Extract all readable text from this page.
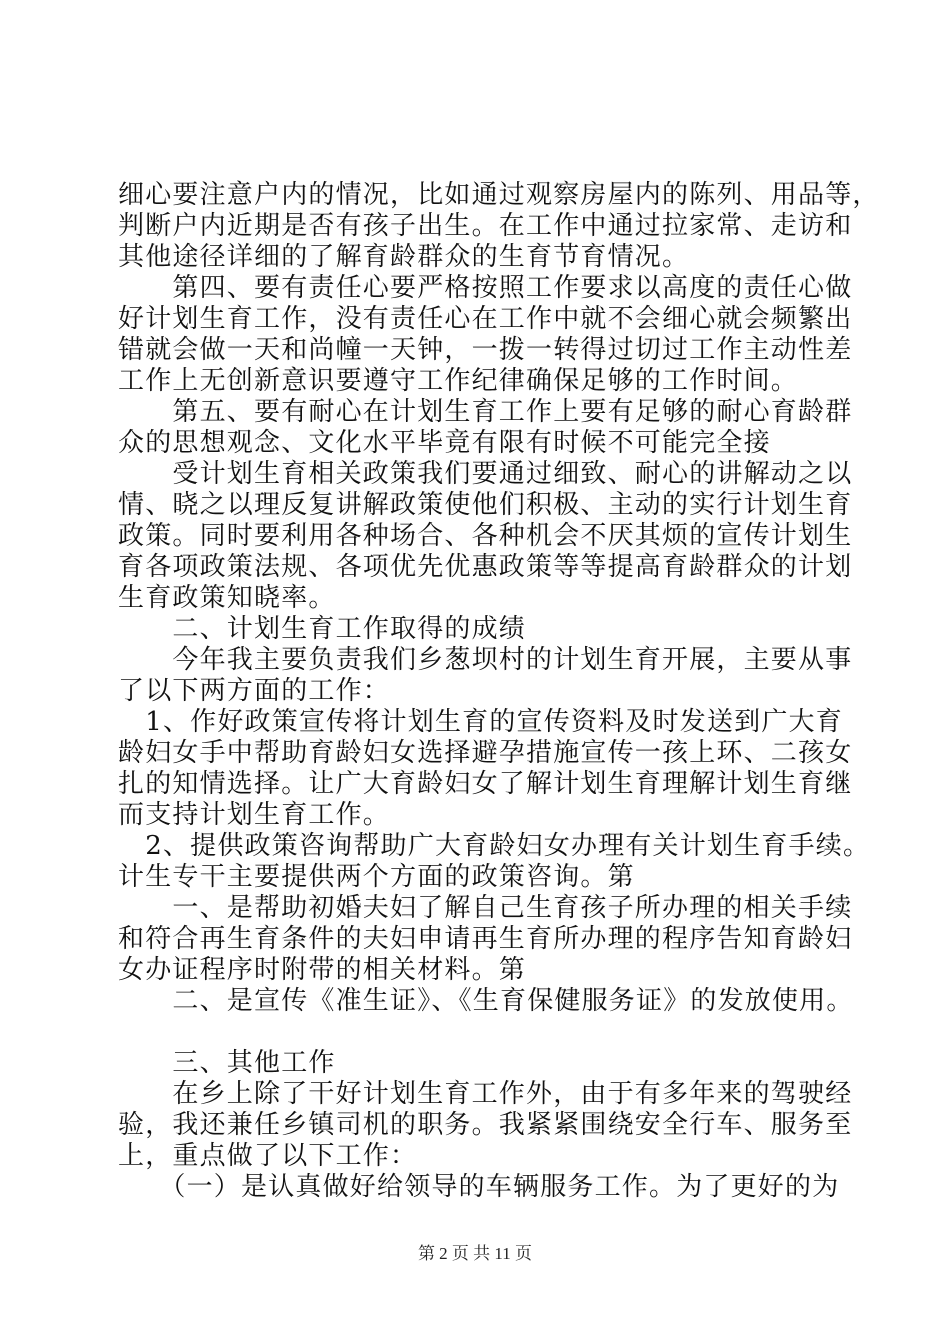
细心要注意户内的情况，比如通过观察房屋内的陈列、用品等，
判断户内近期是否有孩子出生。在工作中通过拉家常、走访和
其他途径详细的了解育龄群众的生育节育情况。
　　第四、要有责任心要严格按照工作要求以高度的责任心做
好计划生育工作，没有责任心在工作中就不会细心就会频繁出
错就会做一天和尚幢一天钟，一拨一转得过切过工作主动性差
工作上无创新意识要遵守工作纪律确保足够的工作时间。
　　第五、要有耐心在计划生育工作上要有足够的耐心育龄群
众的思想观念、文化水平毕竟有限有时候不可能完全接
　　受计划生育相关政策我们要通过细致、耐心的讲解动之以
情、晓之以理反复讲解政策使他们积极、主动的实行计划生育
政策。同时要利用各种场合、各种机会不厌其烦的宣传计划生
育各项政策法规、各项优先优惠政策等等提高育龄群众的计划
生育政策知晓率。
　　二、计划生育工作取得的成绩
　　今年我主要负责我们乡葱坝村的计划生育开展，主要从事
了以下两方面的工作：
　1、作好政策宣传将计划生育的宣传资料及时发送到广大育
龄妇女手中帮助育龄妇女选择避孕措施宣传一孩上环、二孩女
扎的知情选择。让广大育龄妇女了解计划生育理解计划生育继
而支持计划生育工作。
　2、提供政策咨询帮助广大育龄妇女办理有关计划生育手续。
计生专干主要提供两个方面的政策咨询。第
　　一、是帮助初婚夫妇了解自己生育孩子所办理的相关手续
和符合再生育条件的夫妇申请再生育所办理的程序告知育龄妇
女办证程序时附带的相关材料。第
　　二、是宣传《准生证》、《生育保健服务证》的发放使用。
　　三、其他工作
　　在乡上除了干好计划生育工作外，由于有多年来的驾驶经
验，我还兼任乡镇司机的职务。我紧紧围绕安全行车、服务至
上，重点做了以下工作：
　　（一）是认真做好给领导的车辆服务工作。为了更好的为
第 2 页 共 11 页
